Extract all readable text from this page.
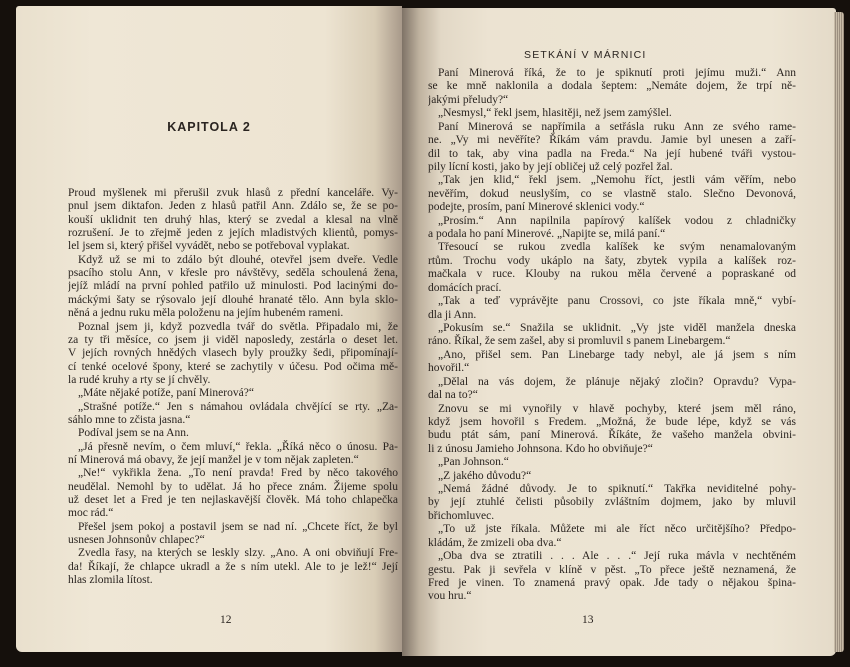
KAPITOLA 2
Proud myšlenek mi přerušil zvuk hlasů z přední kanceláře. Vy-
pnul jsem diktafon. Jeden z hlasů patřil Ann. Zdálo se, že se po-
kouší uklidnit ten druhý hlas, který se zvedal a klesal na vlně
rozrušení. Je to zřejmě jeden z jejích mladistvých klientů, pomys-
lel jsem si, který přišel vyvádět, nebo se potřeboval vyplakat.
Když už se mi to zdálo být dlouhé, otevřel jsem dveře. Vedle
psacího stolu Ann, v křesle pro návštěvy, seděla schoulená žena,
jejíž mládí na první pohled patřilo už minulosti. Pod lacinými do-
máckými šaty se rýsovalo její dlouhé hranaté tělo. Ann byla sklo-
něná a jednu ruku měla položenu na jejím hubeném rameni.
Poznal jsem ji, když pozvedla tvář do světla. Připadalo mi, že
za ty tři měsíce, co jsem ji viděl naposledy, zestárla o deset let.
V jejích rovných hnědých vlasech byly proužky šedi, připomínají-
cí tenké ocelové špony, které se zachytily v účesu. Pod očima mě-
la rudé kruhy a rty se jí chvěly.
„Máte nějaké potíže, paní Minerová?“
„Strašné potíže.“ Jen s námahou ovládala chvějící se rty. „Za-
sáhlo mne to zčista jasna.“
Podíval jsem se na Ann.
„Já přesně nevím, o čem mluví,“ řekla. „Říká něco o únosu. Pa-
ní Minerová má obavy, že její manžel je v tom nějak zapleten.“
„Ne!“ vykřikla žena. „To není pravda! Fred by něco takového
neudělal. Nemohl by to udělat. Já ho přece znám. Žijeme spolu
už deset let a Fred je ten nejlaskavější člověk. Má toho chlapečka
moc rád.“
Přešel jsem pokoj a postavil jsem se nad ní. „Chcete říct, že byl
usnesen Johnsonův chlapec?“
Zvedla řasy, na kterých se leskly slzy. „Ano. A oni obviňují Fre-
da! Říkají, že chlapce ukradl a že s ním utekl. Ale to je lež!“ Její
hlas zlomila lítost.
12
SETKÁNÍ V MÁRNICI
Paní Minerová říká, že to je spiknutí proti jejímu muži.“ Ann
se ke mně naklonila a dodala šeptem: „Nemáte dojem, že trpí ně-
jakými přeludy?“
„Nesmysl,“ řekl jsem, hlasitěji, než jsem zamýšlel.
Paní Minerová se napřímila a setřásla ruku Ann ze svého rame-
ne. „Vy mi nevěříte? Říkám vám pravdu. Jamie byl unesen a zaří-
dil to tak, aby vina padla na Freda.“ Na její hubené tváři vystou-
pily lícní kosti, jako by její obličej už celý pozřel žal.
„Tak jen klid,“ řekl jsem. „Nemohu říct, jestli vám věřím, nebo
nevěřím, dokud neuslyším, co se vlastně stalo. Slečno Devonová,
podejte, prosím, paní Minerové sklenici vody.“
„Prosím.“ Ann napilnila papírový kalíšek vodou z chladničky
a podala ho paní Minerové. „Napijte se, milá paní.“
Třesoucí se rukou zvedla kalíšek ke svým nenamalovaným
rtům. Trochu vody ukáplo na šaty, zbytek vypila a kalíšek roz-
mačkala v ruce. Klouby na rukou měla červené a popraskané od
domácích prací.
„Tak a teď vyprávějte panu Crossovi, co jste říkala mně,“ vybí-
dla ji Ann.
„Pokusím se.“ Snažila se uklidnit. „Vy jste viděl manžela dneska
ráno. Říkal, že sem zašel, aby si promluvil s panem Linebargem.“
„Ano, přišel sem. Pan Linebarge tady nebyl, ale já jsem s ním
hovořil.“
„Dělal na vás dojem, že plánuje nějaký zločin? Opravdu? Vypa-
dal na to?“
Znovu se mi vynořily v hlavě pochyby, které jsem měl ráno,
když jsem hovořil s Fredem. „Možná, že bude lépe, když se vás
budu ptát sám, paní Minerová. Říkáte, že vašeho manžela obvini-
li z únosu Jamieho Johnsona. Kdo ho obviňuje?“
„Pan Johnson.“
„Z jakého důvodu?“
„Nemá žádné důvody. Je to spiknutí.“ Takřka neviditelné pohy-
by její ztuhlé čelisti působily zvláštním dojmem, jako by mluvil
břichomluvec.
„To už jste říkala. Můžete mi ale říct něco určitějšího? Předpo-
kládám, že zmizeli oba dva.“
„Oba dva se ztratili . . . Ale . . .“ Její ruka mávla v nechtěném
gestu. Pak ji sevřela v klíně v pěst. „To přece ještě neznamená, že
Fred je vinen. To znamená pravý opak. Jde tady o nějakou špina-
vou hru.“
13
